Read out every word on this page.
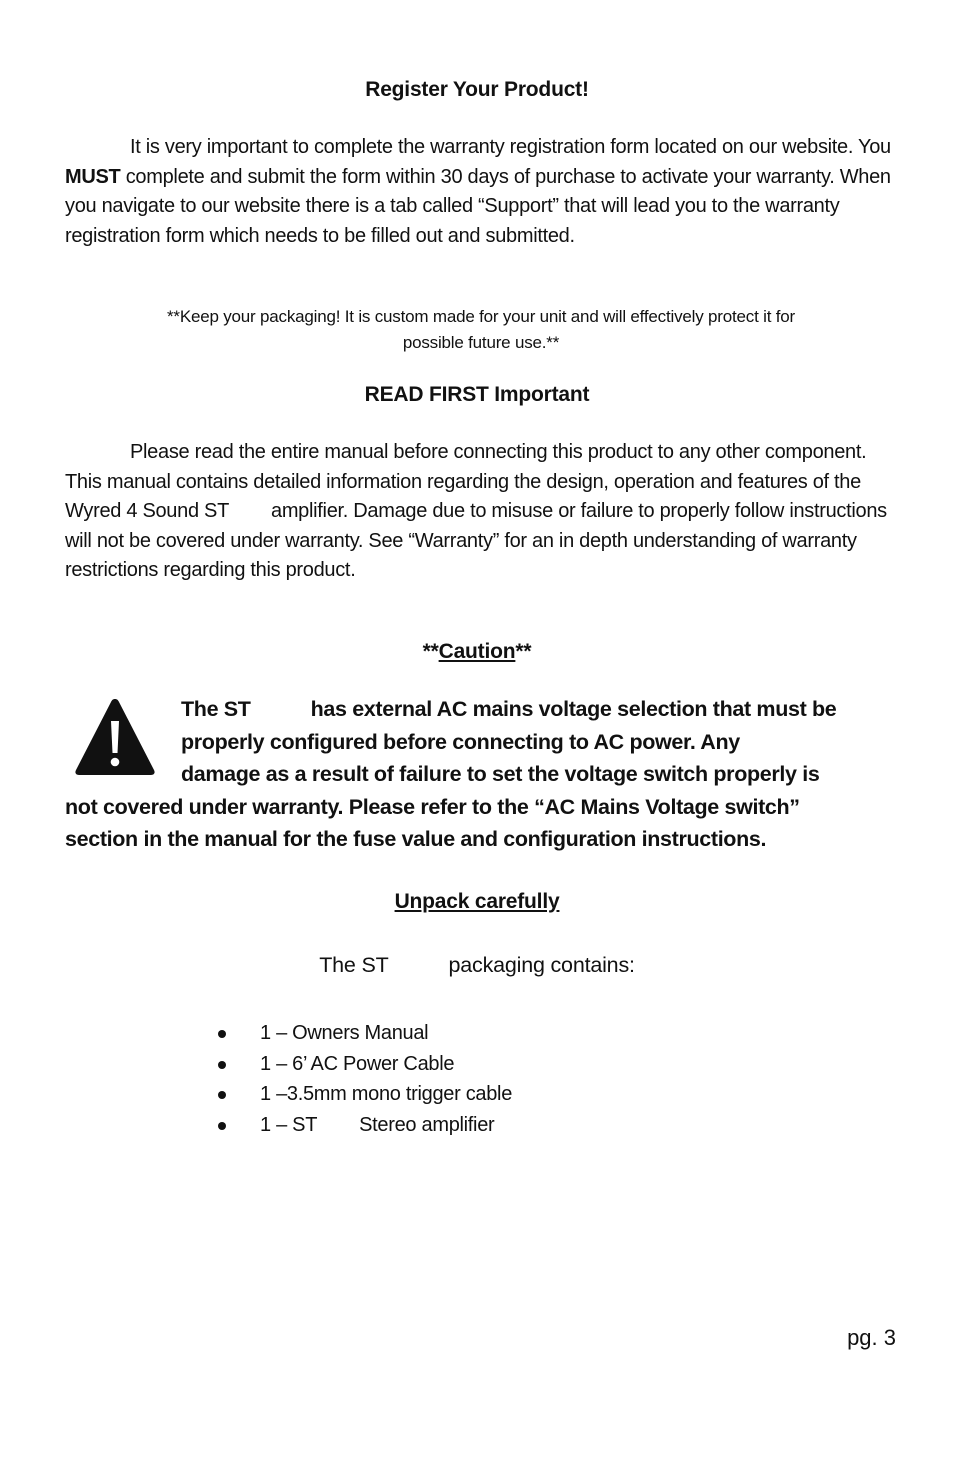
Register Your Product!
It is very important to complete the warranty registration form located on our website. You MUST complete and submit the form within 30 days of purchase to activate your warranty. When you navigate to our website there is a tab called “Support” that will lead you to the warranty registration form which needs to be filled out and submitted.
**Keep your packaging! It is custom made for your unit and will effectively protect it for
possible future use.**
READ FIRST Important
Please read the entire manual before connecting this product to any other component. This manual contains detailed information regarding the design, operation and features of the Wyred 4 Sound ST amplifier. Damage due to misuse or failure to properly follow instructions will not be covered under warranty. See “Warranty” for an in depth understanding of warranty restrictions regarding this product.
**Caution**
The ST	has external AC mains voltage selection that must be
properly configured before connecting to AC power. Any
damage as a result of failure to set the voltage switch properly is
not covered under warranty. Please refer to the “AC Mains Voltage switch”
section in the manual for the fuse value and configuration instructions.
Unpack carefully
The ST	packaging contains:
1 – Owners Manual
1 – 6’ AC Power Cable
1 –3.5mm mono trigger cable
1 – ST Stereo amplifier
pg. 3
